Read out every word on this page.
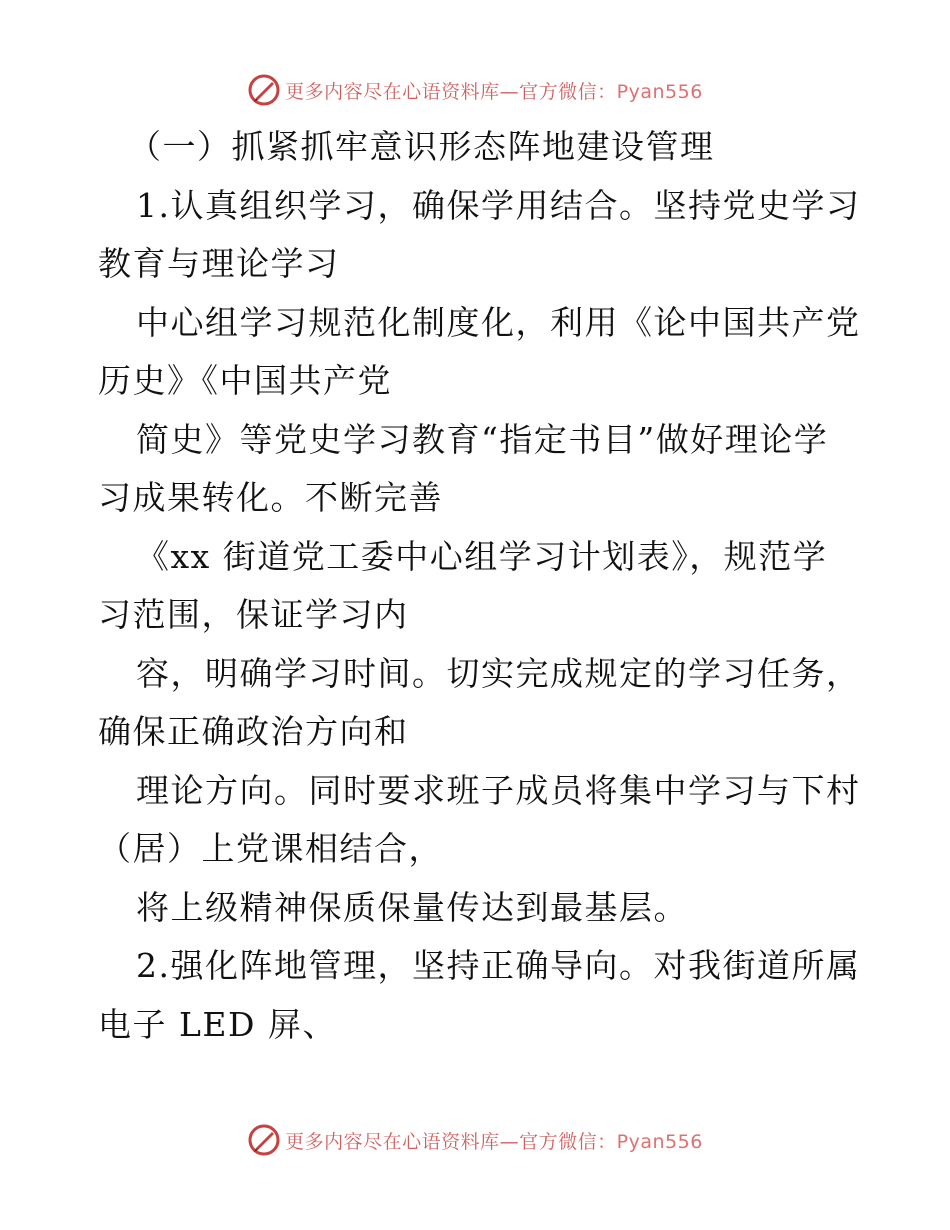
更多内容尽在心语资料库—官方微信：Pyan556
（一）抓紧抓牢意识形态阵地建设管理
1.认真组织学习，确保学用结合。坚持党史学习
教育与理论学习
中心组学习规范化制度化，利用《论中国共产党
历史》《中国共产党
简史》等党史学习教育“指定书目”做好理论学
习成果转化。不断完善
《xx 街道党工委中心组学习计划表》，规范学
习范围，保证学习内
容，明确学习时间。切实完成规定的学习任务，
确保正确政治方向和
理论方向。同时要求班子成员将集中学习与下村
（居）上党课相结合，
将上级精神保质保量传达到最基层。
2.强化阵地管理，坚持正确导向。对我街道所属
电子 LED 屏、
更多内容尽在心语资料库—官方微信：Pyan556
